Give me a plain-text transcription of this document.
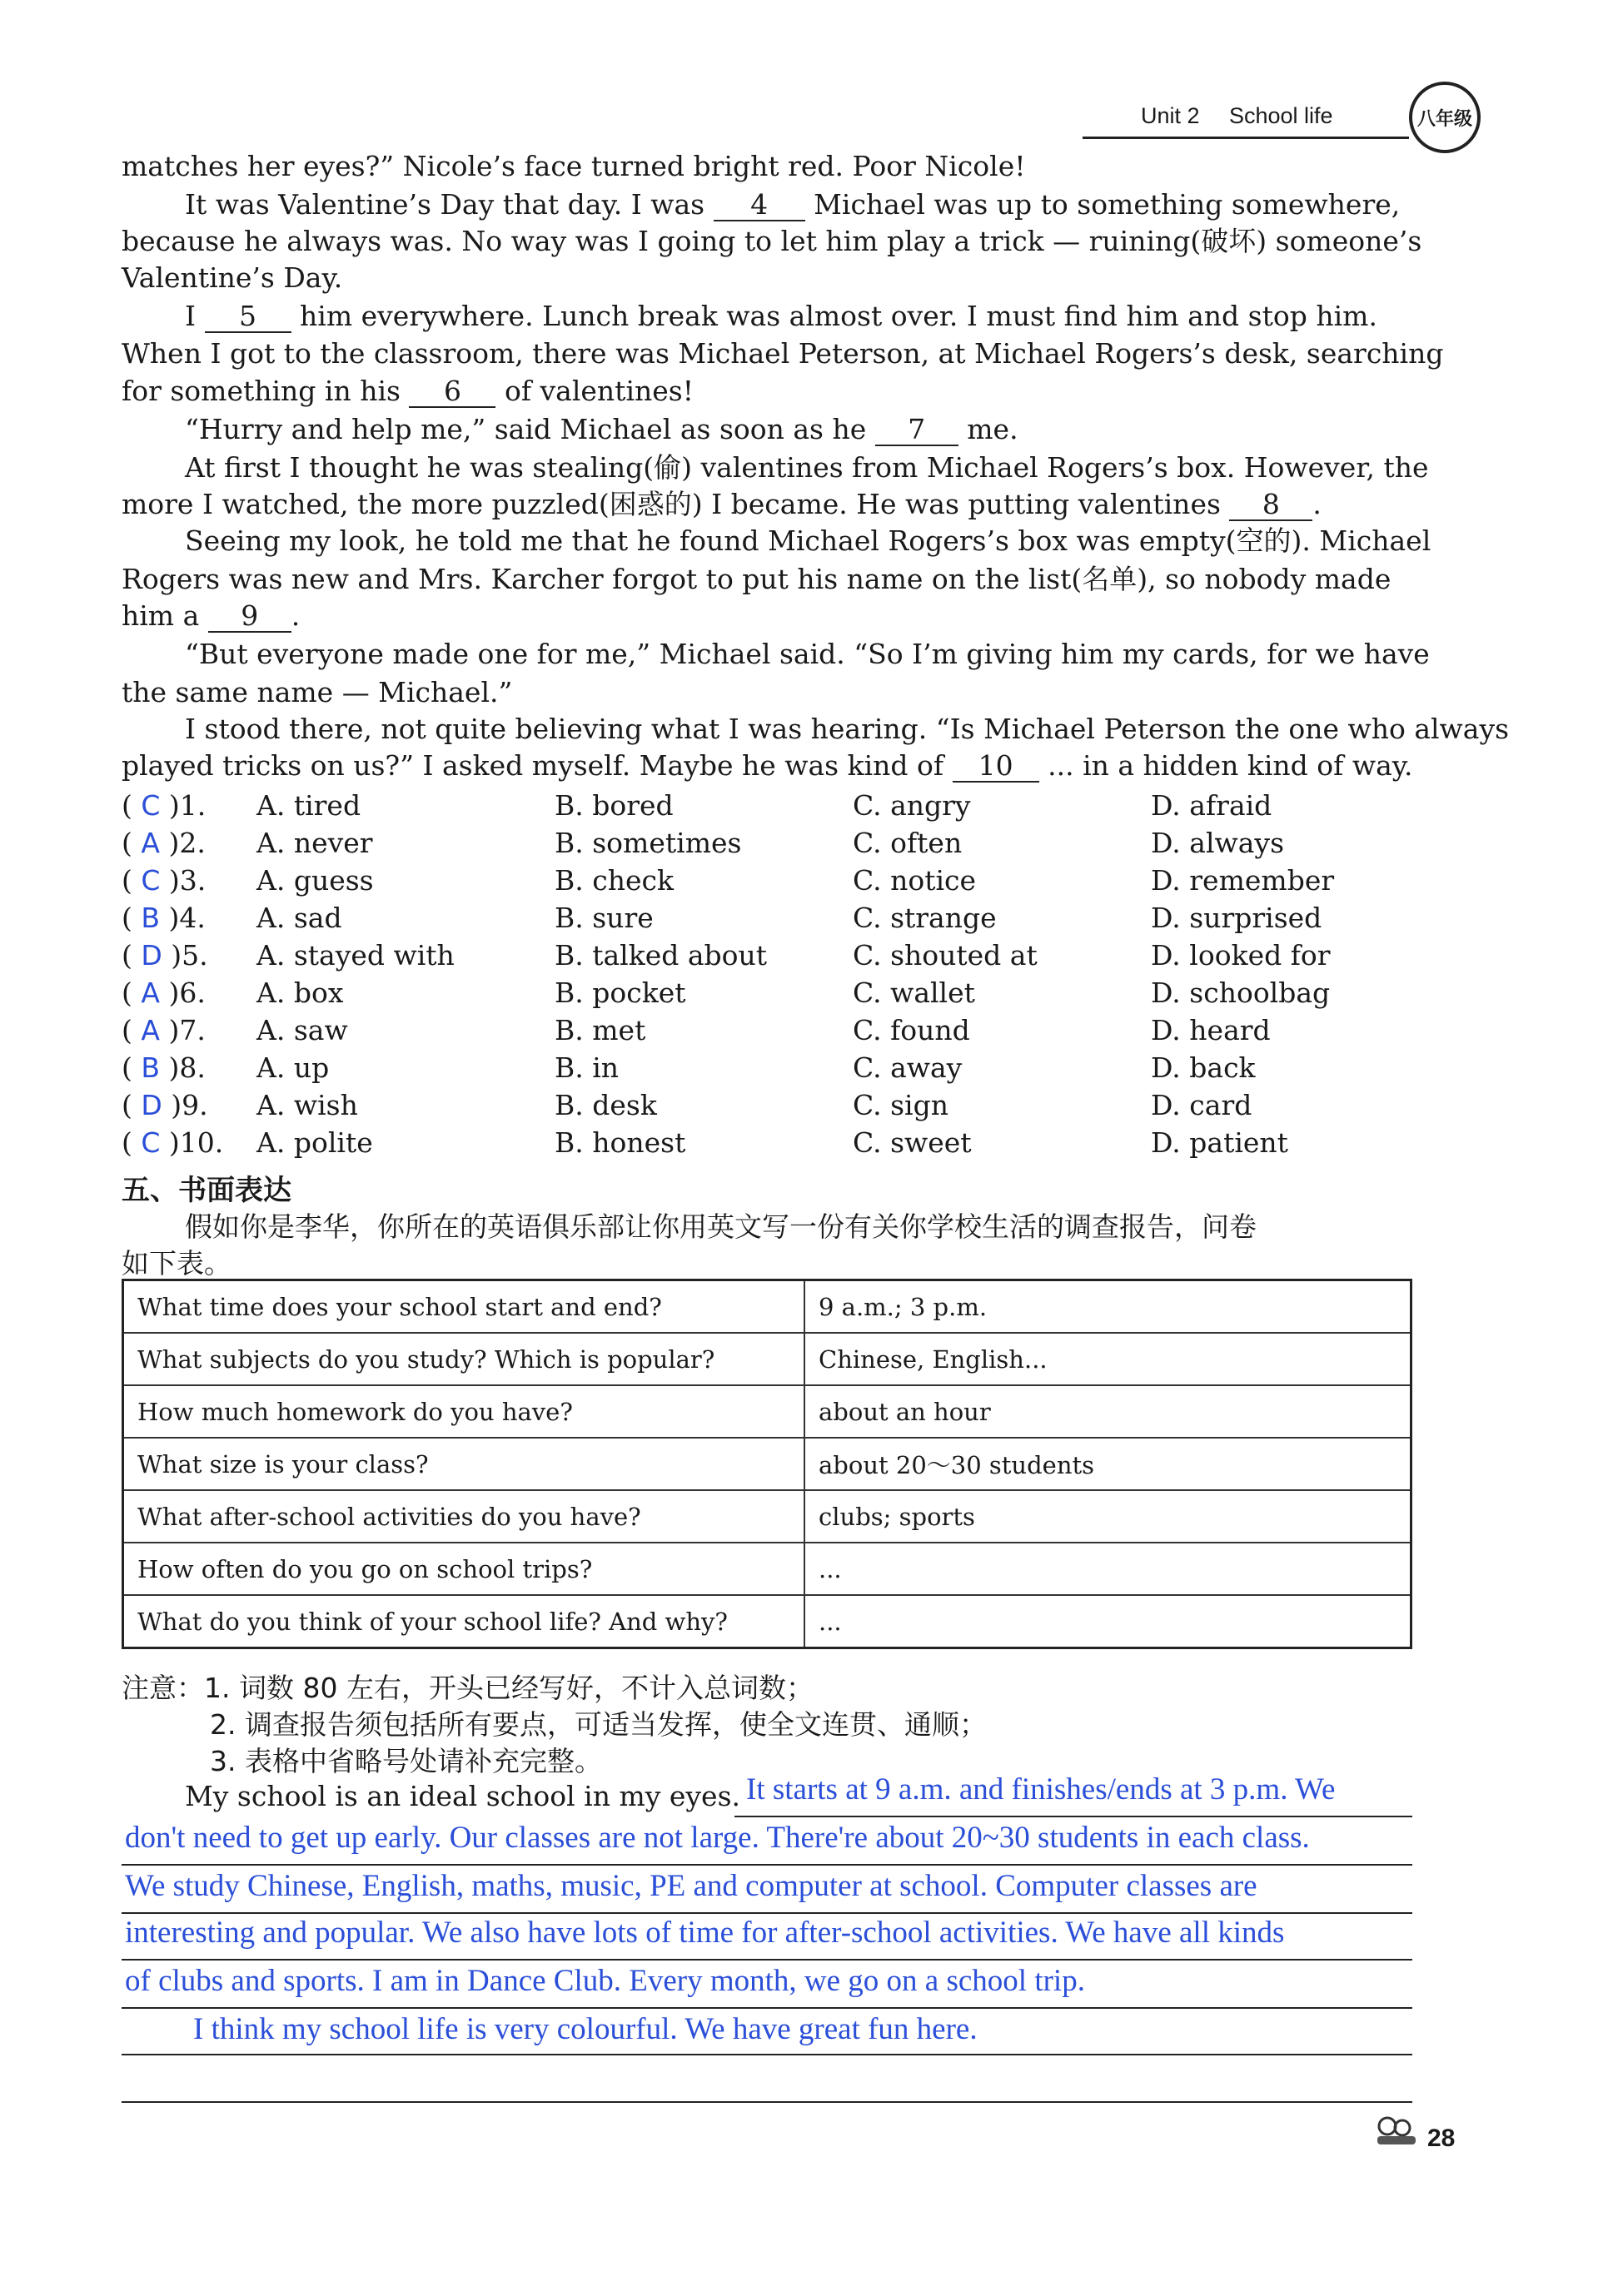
Unit 2 School life	八年级
matches her eyes?” Nicole’s face turned bright red. Poor Nicole!
It was Valentine’s Day that day. I was 4 Michael was up to something somewhere,
because he always was. No way was I going to let him play a trick — ruining(破坏) someone’s
Valentine’s Day.
I 5 him everywhere. Lunch break was almost over. I must find him and stop him.
When I got to the classroom, there was Michael Peterson, at Michael Rogers’s desk, searching
for something in his 6 of valentines!
“Hurry and help me,” said Michael as soon as he 7 me.
At first I thought he was stealing(偷) valentines from Michael Rogers’s box. However, the
more I watched, the more puzzled(困惑的) I became. He was putting valentines 8 .
Seeing my look, he told me that he found Michael Rogers’s box was empty(空的). Michael
Rogers was new and Mrs. Karcher forgot to put his name on the list(名单), so nobody made
him a 9 .
“But everyone made one for me,” Michael said. “So I’m giving him my cards, for we have
the same name — Michael.”
I stood there, not quite believing what I was hearing. “Is Michael Peterson the one who always
played tricks on us?” I asked myself. Maybe he was kind of 10 ... in a hidden kind of way.
( C )1. A. tired	B. bored	C. angry	D. afraid
( A )2. A. never	B. sometimes	C. often	D. always
( C )3. A. guess	B. check	C. notice	D. remember
( B )4. A. sad	B. sure	C. strange	D. surprised
( D )5. A. stayed with	B. talked about	C. shouted at	D. looked for
( A )6. A. box	B. pocket	C. wallet	D. schoolbag
( A )7. A. saw	B. met	C. found	D. heard
( B )8. A. up	B. in	C. away	D. back
( D )9. A. wish	B. desk	C. sign	D. card
( C )10. A. polite	B. honest	C. sweet	D. patient
五、书面表达
假如你是李华，你所在的英语俱乐部让你用英文写一份有关你学校生活的调查报告，问卷
如下表。
What time does your school start and end?	9 a.m.; 3 p.m.
What subjects do you study? Which is popular?	Chinese, English...
How much homework do you have?	about an hour
What size is your class?	about 20～30 students
What after-school activities do you have?	clubs; sports
How often do you go on school trips?	...
What do you think of your school life? And why?	...
注意：1. 词数 80 左右，开头已经写好，不计入总词数；
2. 调查报告须包括所有要点，可适当发挥，使全文连贯、通顺；
3. 表格中省略号处请补充完整。
My school is an ideal school in my eyes. It starts at 9 a.m. and finishes/ends at 3 p.m. We
don't need to get up early. Our classes are not large. There're about 20~30 students in each class.
We study Chinese, English, maths, music, PE and computer at school. Computer classes are
interesting and popular. We also have lots of time for after-school activities. We have all kinds
of clubs and sports. I am in Dance Club. Every month, we go on a school trip.
I think my school life is very colourful. We have great fun here.
28
